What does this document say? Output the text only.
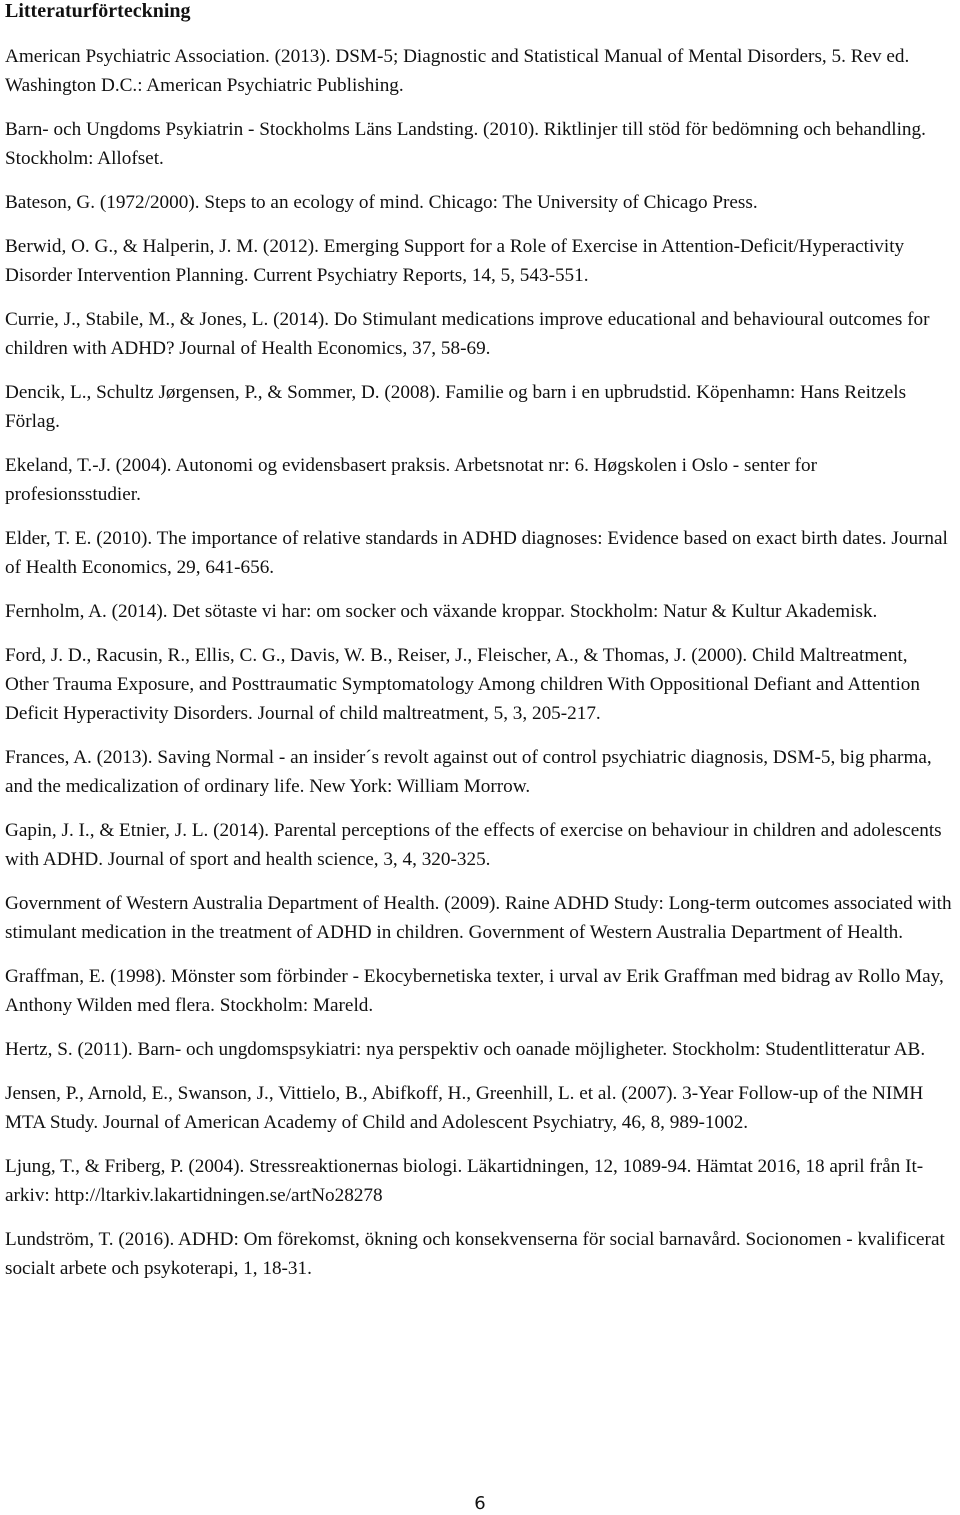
Litteraturförteckning

American Psychiatric Association. (2013). DSM-5; Diagnostic and Statistical Manual of Mental Disorders, 5. Rev ed. Washington D.C.: American Psychiatric Publishing.

Barn- och Ungdoms Psykiatrin - Stockholms Läns Landsting. (2010). Riktlinjer till stöd för bedömning och behandling. Stockholm: Allofset.

Bateson, G. (1972/2000). Steps to an ecology of mind. Chicago: The University of Chicago Press.

Berwid, O. G., & Halperin, J. M. (2012). Emerging Support for a Role of Exercise in Attention-Deficit/Hyperactivity Disorder Intervention Planning. Current Psychiatry Reports, 14, 5, 543-551.

Currie, J., Stabile, M., & Jones, L. (2014). Do Stimulant medications improve educational and behavioural outcomes for children with ADHD? Journal of Health Economics, 37, 58-69.

Dencik, L., Schultz Jørgensen, P., & Sommer, D. (2008). Familie og barn i en upbrudstid. Köpenhamn: Hans Reitzels Förlag.

Ekeland, T.-J. (2004). Autonomi og evidensbasert praksis. Arbetsnotat nr: 6. Høgskolen i Oslo - senter for profesionsstudier.

Elder, T. E. (2010). The importance of relative standards in ADHD diagnoses: Evidence based on exact birth dates. Journal of Health Economics, 29, 641-656.

Fernholm, A. (2014). Det sötaste vi har: om socker och växande kroppar. Stockholm: Natur & Kultur Akademisk.

Ford, J. D., Racusin, R., Ellis, C. G., Davis, W. B., Reiser, J., Fleischer, A., & Thomas, J. (2000). Child Maltreatment, Other Trauma Exposure, and Posttraumatic Symptomatology Among children With Oppositional Defiant and Attention Deficit Hyperactivity Disorders. Journal of child maltreatment, 5, 3, 205-217.

Frances, A. (2013). Saving Normal - an insider´s revolt against out of control psychiatric diagnosis, DSM-5, big pharma, and the medicalization of ordinary life. New York: William Morrow.

Gapin, J. I., & Etnier, J. L. (2014). Parental perceptions of the effects of exercise on behaviour in children and adolescents with ADHD. Journal of sport and health science, 3, 4, 320-325.

Government of Western Australia Department of Health. (2009). Raine ADHD Study: Long-term outcomes associated with stimulant medication in the treatment of ADHD in children. Government of Western Australia Department of Health.

Graffman, E. (1998). Mönster som förbinder - Ekocybernetiska texter, i urval av Erik Graffman med bidrag av Rollo May, Anthony Wilden med flera. Stockholm: Mareld.

Hertz, S. (2011). Barn- och ungdomspsykiatri: nya perspektiv och oanade möjligheter. Stockholm: Studentlitteratur AB.

Jensen, P., Arnold, E., Swanson, J., Vittielo, B., Abifkoff, H., Greenhill, L. et al. (2007). 3-Year Follow-up of the NIMH MTA Study. Journal of American Academy of Child and Adolescent Psychiatry, 46, 8, 989-1002.

Ljung, T., & Friberg, P. (2004). Stressreaktionernas biologi. Läkartidningen, 12, 1089-94. Hämtat 2016, 18 april från It-arkiv: http://ltarkiv.lakartidningen.se/artNo28278

Lundström, T. (2016). ADHD: Om förekomst, ökning och konsekvenserna för social barnavård. Socionomen - kvalificerat socialt arbete och psykoterapi, 1, 18-31.

6
